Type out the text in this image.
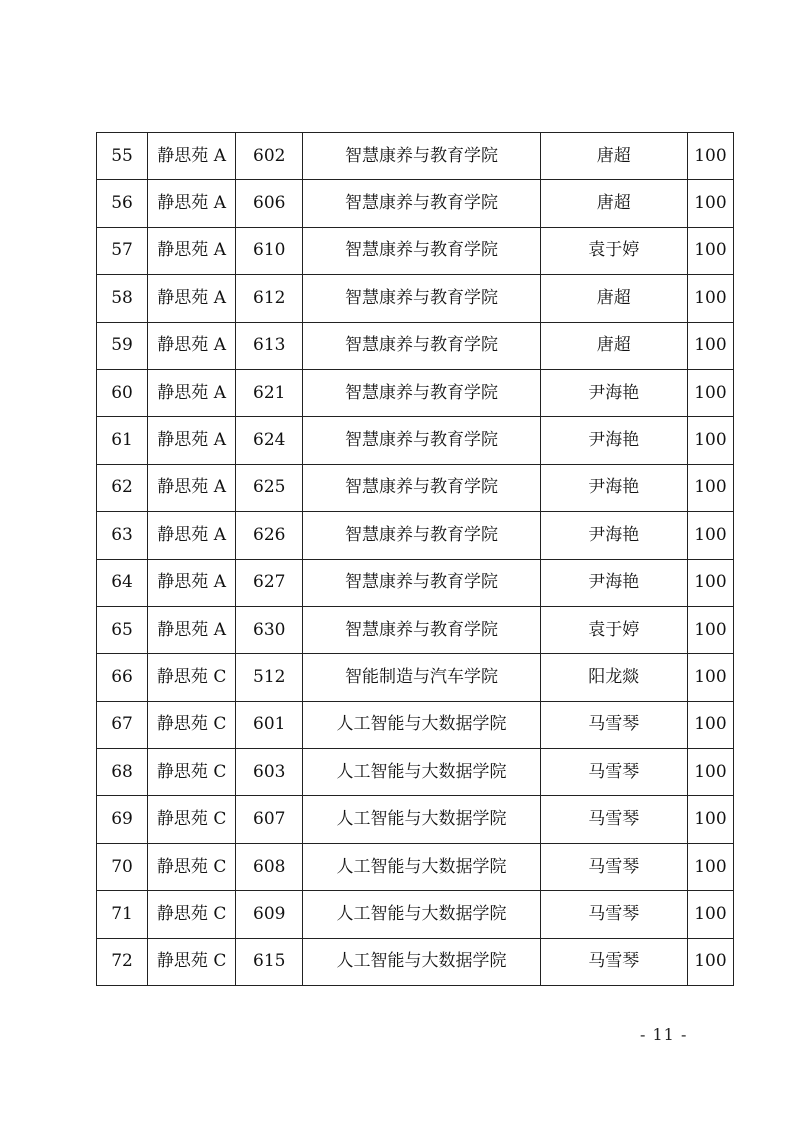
55	静思苑 A	602	智慧康养与教育学院	唐超	100
56	静思苑 A	606	智慧康养与教育学院	唐超	100
57	静思苑 A	610	智慧康养与教育学院	袁于婷	100
58	静思苑 A	612	智慧康养与教育学院	唐超	100
59	静思苑 A	613	智慧康养与教育学院	唐超	100
60	静思苑 A	621	智慧康养与教育学院	尹海艳	100
61	静思苑 A	624	智慧康养与教育学院	尹海艳	100
62	静思苑 A	625	智慧康养与教育学院	尹海艳	100
63	静思苑 A	626	智慧康养与教育学院	尹海艳	100
64	静思苑 A	627	智慧康养与教育学院	尹海艳	100
65	静思苑 A	630	智慧康养与教育学院	袁于婷	100
66	静思苑 C	512	智能制造与汽车学院	阳龙燚	100
67	静思苑 C	601	人工智能与大数据学院	马雪琴	100
68	静思苑 C	603	人工智能与大数据学院	马雪琴	100
69	静思苑 C	607	人工智能与大数据学院	马雪琴	100
70	静思苑 C	608	人工智能与大数据学院	马雪琴	100
71	静思苑 C	609	人工智能与大数据学院	马雪琴	100
72	静思苑 C	615	人工智能与大数据学院	马雪琴	100
- 11 -
